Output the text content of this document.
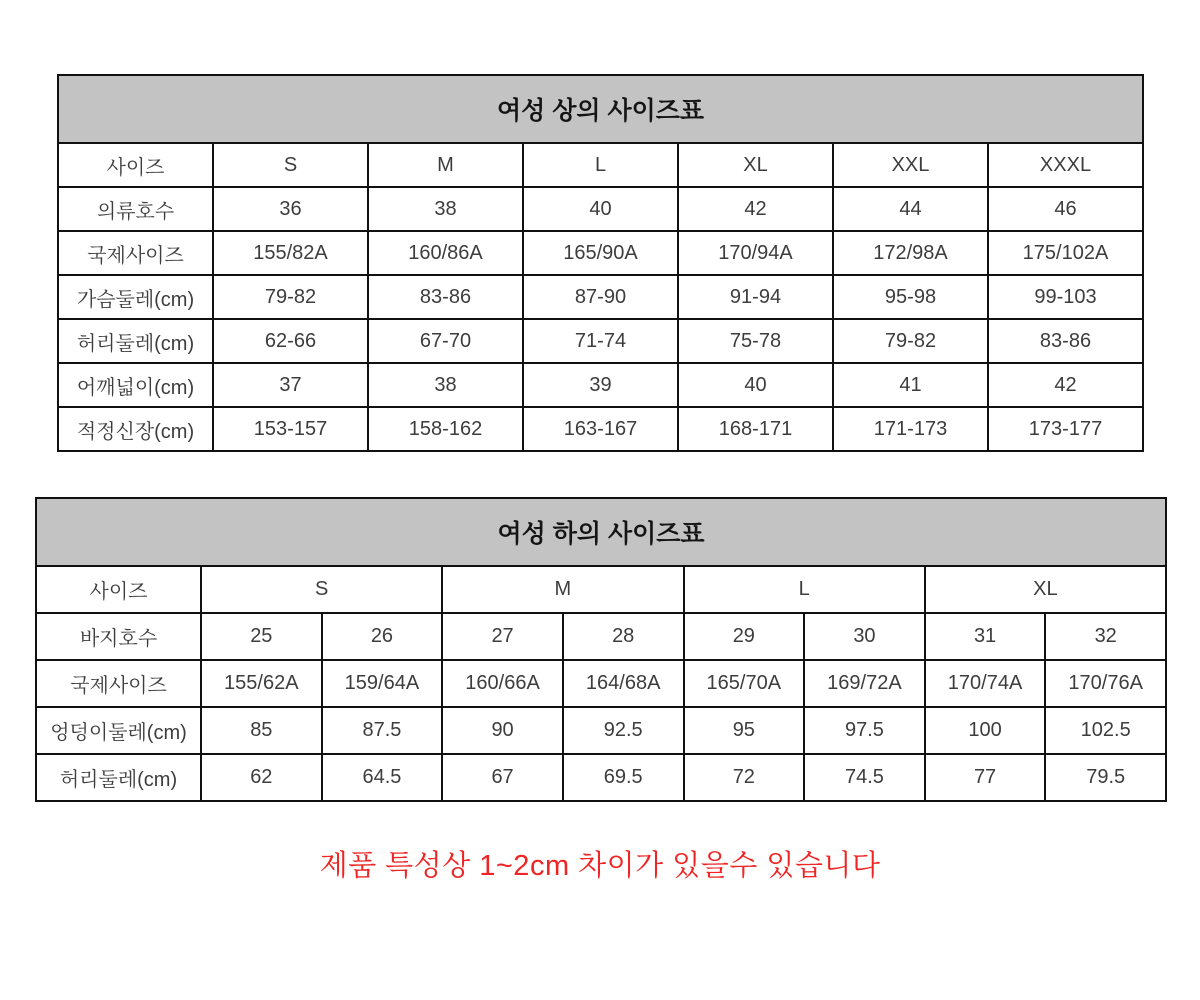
여성 상의 사이즈표						
사이즈	S	M	L	XL	XXL	XXXL
의류호수	36	38	40	42	44	46
국제사이즈	155/82A	160/86A	165/90A	170/94A	172/98A	175/102A
가슴둘레(cm)	79-82	83-86	87-90	91-94	95-98	99-103
허리둘레(cm)	62-66	67-70	71-74	75-78	79-82	83-86
어깨넓이(cm)	37	38	39	40	41	42
적정신장(cm)	153-157	158-162	163-167	168-171	171-173	173-177
여성 하의 사이즈표								
사이즈	S		M		L		XL	
바지호수	25	26	27	28	29	30	31	32
국제사이즈	155/62A	159/64A	160/66A	164/68A	165/70A	169/72A	170/74A	170/76A
엉덩이둘레(cm)	85	87.5	90	92.5	95	97.5	100	102.5
허리둘레(cm)	62	64.5	67	69.5	72	74.5	77	79.5
제품 특성상 1~2cm 차이가 있을수 있습니다
